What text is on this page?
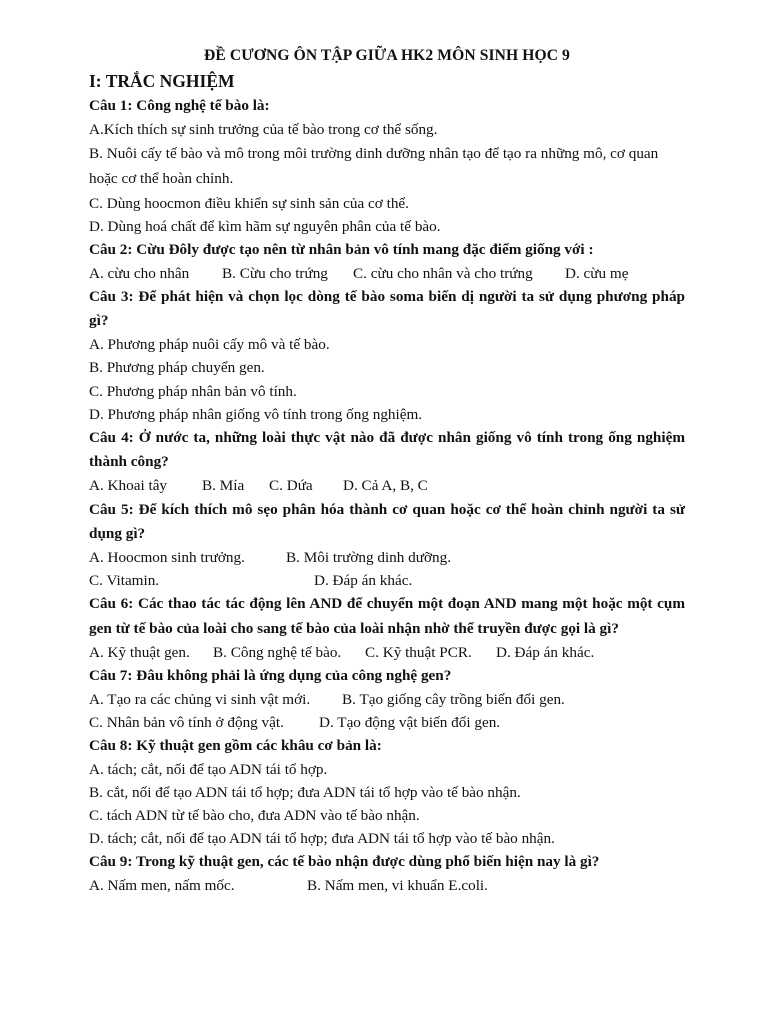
ĐỀ CƯƠNG ÔN TẬP GIỮA HK2 MÔN SINH HỌC 9
I: TRẮC NGHIỆM
Câu 1: Công nghệ tế bào là:
A.Kích thích sự sinh trưởng của tế bào trong cơ thể sống.
B. Nuôi cấy tế bào và mô trong môi trường dinh dưỡng nhân tạo để tạo ra những mô, cơ quan hoặc cơ thể hoàn chỉnh.
C. Dùng hoocmon điều khiển sự sinh sản của cơ thể.
D. Dùng hoá chất để kìm hãm sự nguyên phân của tế bào.
Câu 2: Cừu Đôly được tạo nên từ nhân bản vô tính mang đặc điểm giống với :
A. cừu cho nhân	B. Cừu cho trứng	C. cừu cho nhân và cho trứng	D. cừu mẹ
Câu 3: Để phát hiện và chọn lọc dòng tế bào soma biến dị người ta sử dụng phương pháp gì?
A. Phương pháp nuôi cấy mô và tế bào.
B. Phương pháp chuyển gen.
C. Phương pháp nhân bản vô tính.
D. Phương pháp nhân giống vô tính trong ống nghiệm.
Câu 4: Ở nước ta, những loài thực vật nào đã được nhân giống vô tính trong ống nghiệm thành công?
A. Khoai tây	B. Mía	C. Dứa	D. Cả A, B, C
Câu 5: Để kích thích mô sẹo phân hóa thành cơ quan hoặc cơ thể hoàn chỉnh người ta sử dụng gì?
A. Hoocmon sinh trưởng.	B. Môi trường dinh dưỡng.
C. Vitamin.	D. Đáp án khác.
Câu 6: Các thao tác tác động lên AND để chuyển một đoạn AND mang một hoặc một cụm gen từ tế bào của loài cho sang tế bào của loài nhận nhờ thể truyền được gọi là gì?
A. Kỹ thuật gen.	B. Công nghệ tế bào.	C. Kỹ thuật PCR.	D. Đáp án khác.
Câu 7: Đâu không phải là ứng dụng của công nghệ gen?
A. Tạo ra các chủng vi sinh vật mới.	B. Tạo giống cây trồng biến đổi gen.
C. Nhân bản vô tính ở động vật.	D. Tạo động vật biến đổi gen.
Câu 8: Kỹ thuật gen gồm các khâu cơ bản là:
A. tách; cắt, nối để tạo ADN tái tổ hợp.
B. cắt, nối để tạo ADN tái tổ hợp; đưa ADN tái tổ hợp vào tế bào nhận.
C. tách ADN từ tế bào cho, đưa ADN vào tế bào nhận.
D. tách; cắt, nối để tạo ADN tái tổ hợp; đưa ADN tái tổ hợp vào tế bào nhận.
Câu 9: Trong kỹ thuật gen, các tế bào nhận được dùng phổ biến hiện nay là gì?
A. Nấm men, nấm mốc.	B. Nấm men, vi khuẩn E.coli.
